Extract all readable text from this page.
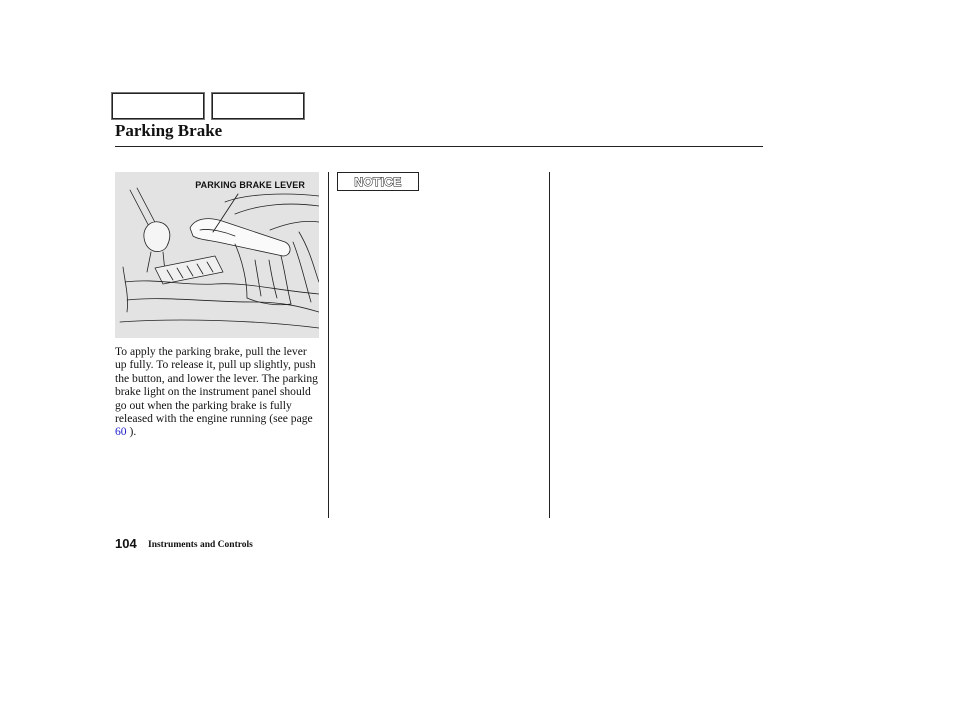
Parking Brake
PARKING BRAKE LEVER

To apply the parking brake, pull the lever up fully. To release it, pull up slightly, push the button, and lower the lever. The parking brake light on the instrument panel should go out when the parking brake is fully released with the engine running (see page 60 ).

NOTICE
104 Instruments and Controls
